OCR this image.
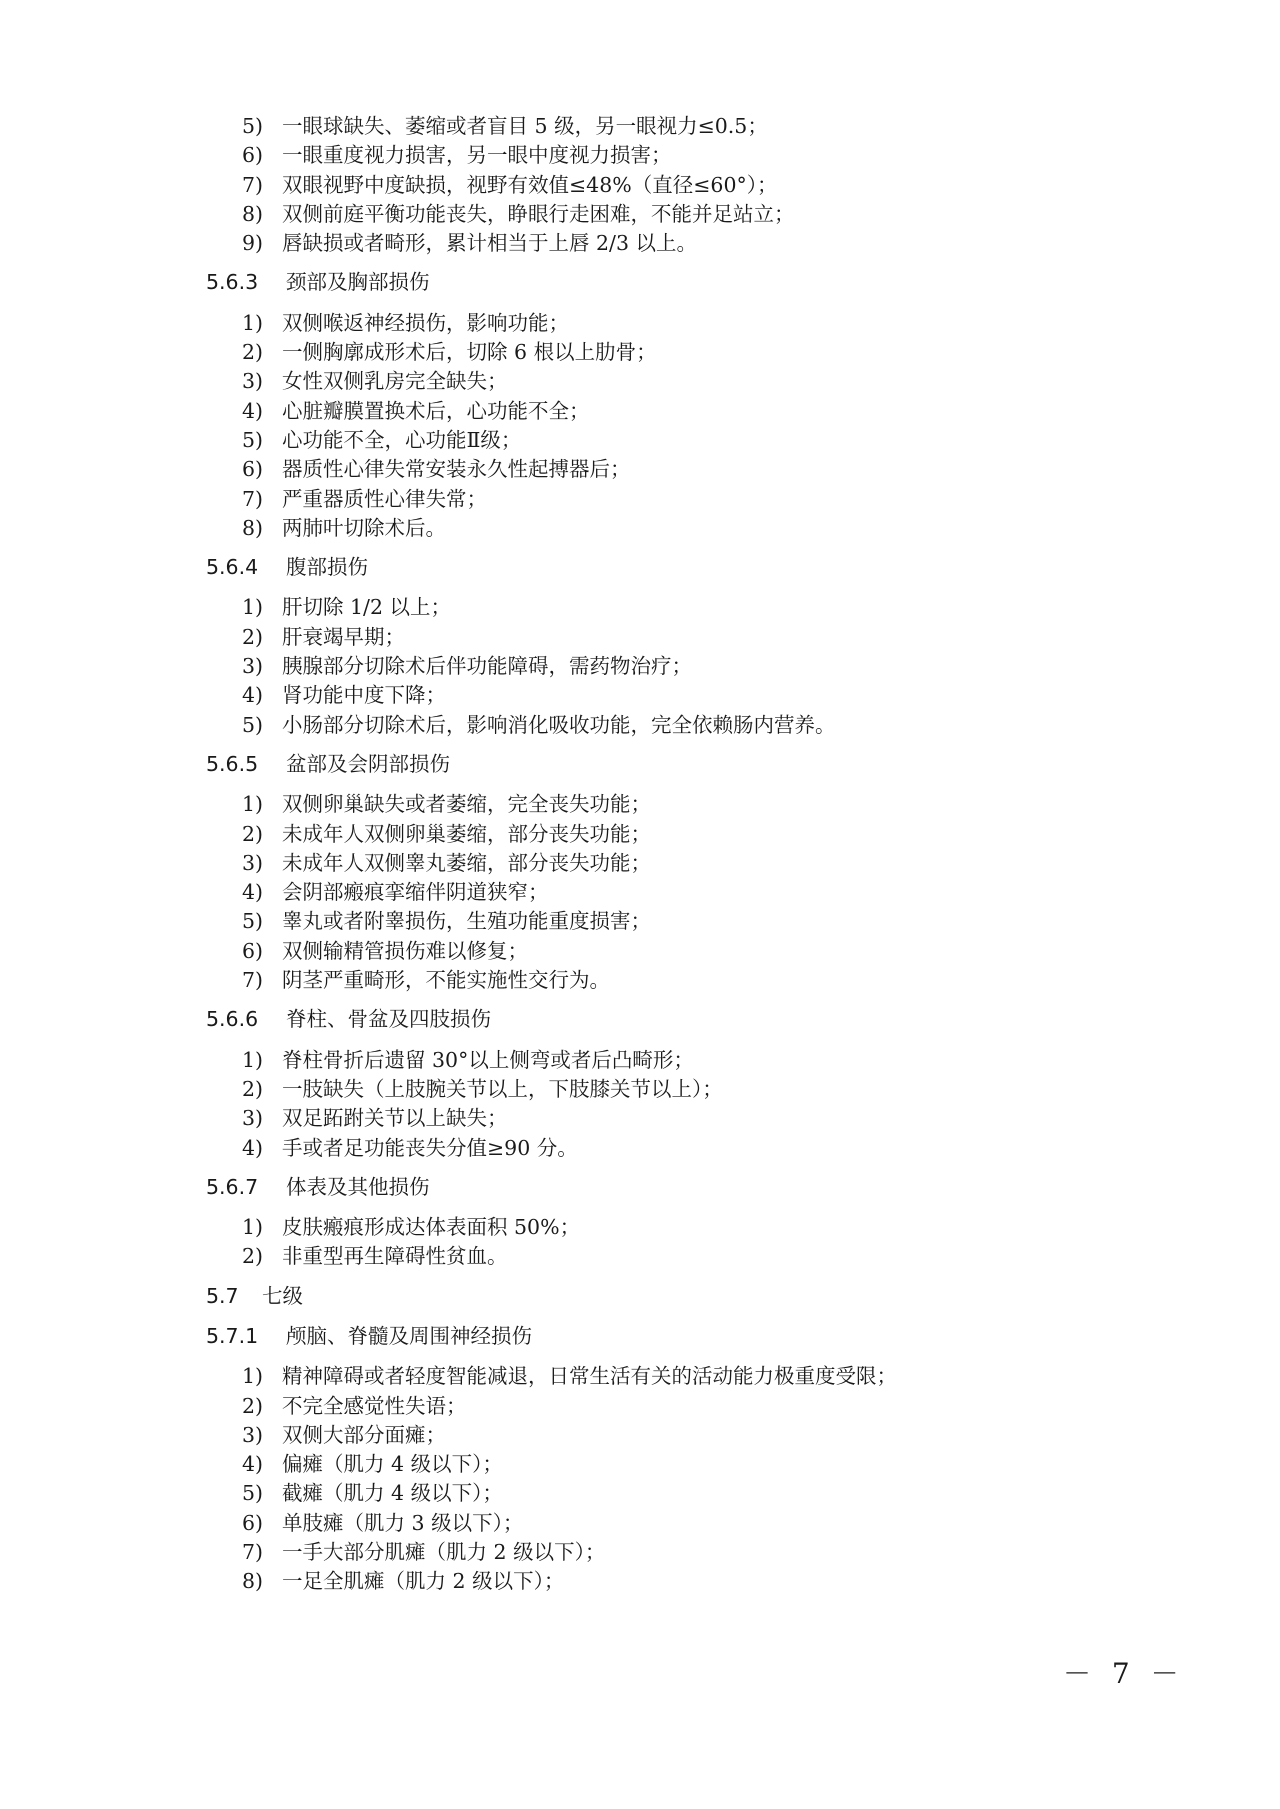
5) 一眼球缺失、萎缩或者盲目 5 级，另一眼视力≤0.5；
6) 一眼重度视力损害，另一眼中度视力损害；
7) 双眼视野中度缺损，视野有效值≤48%（直径≤60°）；
8) 双侧前庭平衡功能丧失，睁眼行走困难，不能并足站立；
9) 唇缺损或者畸形，累计相当于上唇 2/3 以上。
5.6.3 颈部及胸部损伤
1) 双侧喉返神经损伤，影响功能；
2) 一侧胸廓成形术后，切除 6 根以上肋骨；
3) 女性双侧乳房完全缺失；
4) 心脏瓣膜置换术后，心功能不全；
5) 心功能不全，心功能Ⅱ级；
6) 器质性心律失常安装永久性起搏器后；
7) 严重器质性心律失常；
8) 两肺叶切除术后。
5.6.4 腹部损伤
1) 肝切除 1/2 以上；
2) 肝衰竭早期；
3) 胰腺部分切除术后伴功能障碍，需药物治疗；
4) 肾功能中度下降；
5) 小肠部分切除术后，影响消化吸收功能，完全依赖肠内营养。
5.6.5 盆部及会阴部损伤
1) 双侧卵巢缺失或者萎缩，完全丧失功能；
2) 未成年人双侧卵巢萎缩，部分丧失功能；
3) 未成年人双侧睾丸萎缩，部分丧失功能；
4) 会阴部瘢痕挛缩伴阴道狭窄；
5) 睾丸或者附睾损伤，生殖功能重度损害；
6) 双侧输精管损伤难以修复；
7) 阴茎严重畸形，不能实施性交行为。
5.6.6 脊柱、骨盆及四肢损伤
1) 脊柱骨折后遗留 30°以上侧弯或者后凸畸形；
2) 一肢缺失（上肢腕关节以上，下肢膝关节以上）；
3) 双足跖跗关节以上缺失；
4) 手或者足功能丧失分值≥90 分。
5.6.7 体表及其他损伤
1) 皮肤瘢痕形成达体表面积 50%；
2) 非重型再生障碍性贫血。
5.7 七级
5.7.1 颅脑、脊髓及周围神经损伤
1) 精神障碍或者轻度智能减退，日常生活有关的活动能力极重度受限；
2) 不完全感觉性失语；
3) 双侧大部分面瘫；
4) 偏瘫（肌力 4 级以下）；
5) 截瘫（肌力 4 级以下）；
6) 单肢瘫（肌力 3 级以下）；
7) 一手大部分肌瘫（肌力 2 级以下）；
8) 一足全肌瘫（肌力 2 级以下）；
－ 7 －
